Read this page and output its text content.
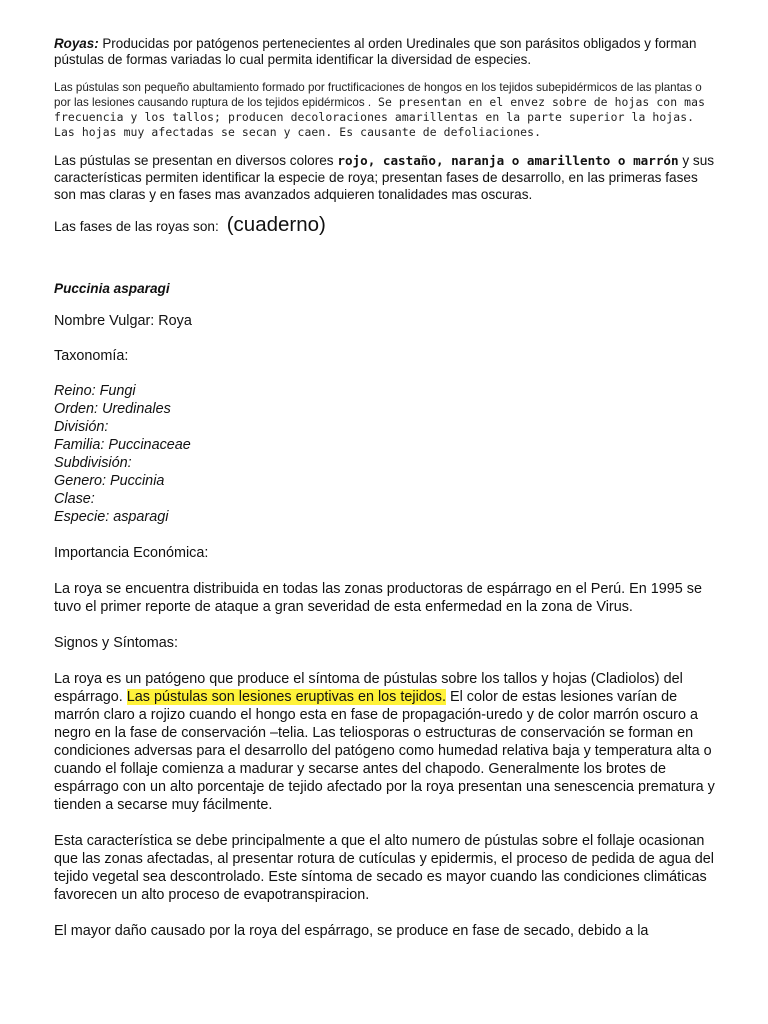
Royas: Producidas por patógenos pertenecientes al orden Uredinales que son parásitos obligados y forman pústulas de formas variadas lo cual permita identificar la diversidad de especies.

Las pústulas son pequeño abultamiento formado por fructificaciones de hongos en los tejidos subepidérmicos de las plantas o por las lesiones causando ruptura de los tejidos epidérmicos . Se presentan en el envez sobre de hojas con mas frecuencia y los tallos; producen decoloraciones amarillentas en la parte superior la hojas. Las hojas muy afectadas se secan y caen. Es causante de defoliaciones.

Las pústulas se presentan en diversos colores rojo, castaño, naranja o amarillento o marrón y sus características permiten identificar la especie de roya; presentan fases de desarrollo, en las primeras fases son mas claras y en fases mas avanzados adquieren tonalidades mas oscuras.

Las fases de las royas son: (cuaderno)

Puccinia asparagi

Nombre Vulgar: Roya

Taxonomía:

Reino: Fungi
Orden: Uredinales
División:
Familia: Puccinaceae
Subdivisión:
Genero: Puccinia
Clase:
Especie: asparagi

Importancia Económica:

La roya se encuentra distribuida en todas las zonas productoras de espárrago en el Perú. En 1995 se tuvo el primer reporte de ataque a gran severidad de esta enfermedad en la zona de Virus.

Signos y Síntomas:

La roya es un patógeno que produce el síntoma de pústulas sobre los tallos y hojas (Cladiolos) del espárrago. Las pústulas son lesiones eruptivas en los tejidos. El color de estas lesiones varían de marrón claro a rojizo cuando el hongo esta en fase de propagación-uredo y de color marrón oscuro a negro en la fase de conservación –telia. Las teliosporas o estructuras de conservación se forman en condiciones adversas para el desarrollo del patógeno como humedad relativa baja y temperatura alta o cuando el follaje comienza a madurar y secarse antes del chapodo. Generalmente los brotes de espárrago con un alto porcentaje de tejido afectado por la roya presentan una senescencia prematura y tienden a secarse muy fácilmente.

Esta característica se debe principalmente a que el alto numero de pústulas sobre el follaje ocasionan que las zonas afectadas, al presentar rotura de cutículas y epidermis, el proceso de pedida de agua del tejido vegetal sea descontrolado. Este síntoma de secado es mayor cuando las condiciones climáticas favorecen un alto proceso de evapotranspiracion.

El mayor daño causado por la roya del espárrago, se produce en fase de secado, debido a la
